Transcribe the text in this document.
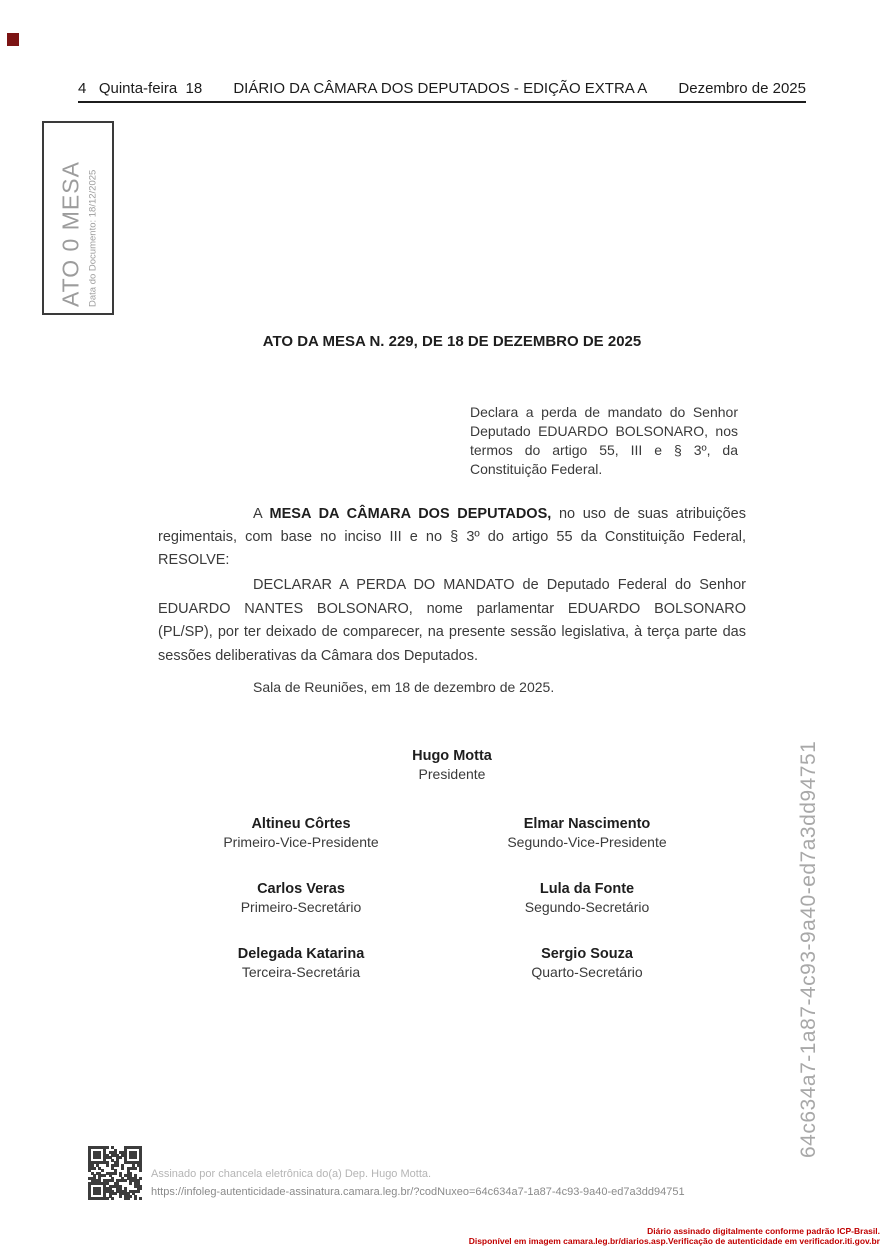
4   Quinta-feira  18 DIÁRIO DA CÂMARA DOS DEPUTADOS - EDIÇÃO EXTRA A Dezembro de 2025
ATO 0 MESA Data do Documento: 18/12/2025
ATO DA MESA N. 229, DE 18 DE DEZEMBRO DE 2025
Declara a perda de mandato do Senhor Deputado EDUARDO BOLSONARO, nos termos do artigo 55, III e § 3º, da Constituição Federal.
A MESA DA CÂMARA DOS DEPUTADOS, no uso de suas atribuições regimentais, com base no inciso III e no § 3º do artigo 55 da Constituição Federal, RESOLVE:
DECLARAR A PERDA DO MANDATO de Deputado Federal do Senhor EDUARDO NANTES BOLSONARO, nome parlamentar EDUARDO BOLSONARO (PL/SP), por ter deixado de comparecer, na presente sessão legislativa, à terça parte das sessões deliberativas da Câmara dos Deputados.
Sala de Reuniões, em 18 de dezembro de 2025.
Hugo Motta
Presidente
Altineu Côrtes
Primeiro-Vice-Presidente
Elmar Nascimento
Segundo-Vice-Presidente
Carlos Veras
Primeiro-Secretário
Lula da Fonte
Segundo-Secretário
Delegada Katarina
Terceira-Secretária
Sergio Souza
Quarto-Secretário
Assinado por chancela eletrônica do(a) Dep. Hugo Motta.
https://infoleg-autenticidade-assinatura.camara.leg.br/?codNuxeo=64c634a7-1a87-4c93-9a40-ed7a3dd94751
64c634a7-1a87-4c93-9a40-ed7a3dd94751
Diário assinado digitalmente conforme padrão ICP-Brasil.
Disponível em imagem camara.leg.br/diarios.asp.Verificação de autenticidade em verificador.iti.gov.br
